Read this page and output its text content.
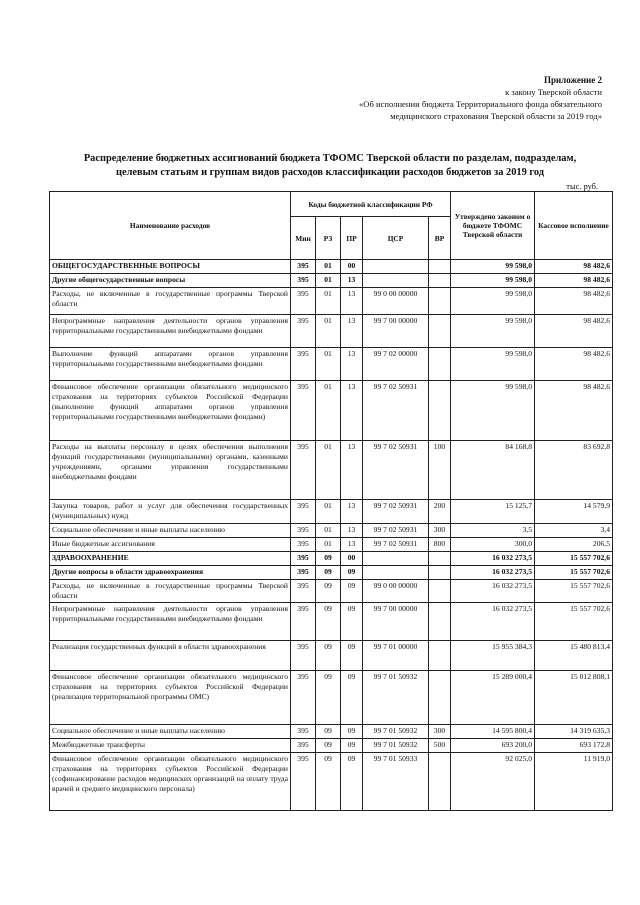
Приложение 2
к закону Тверской области
«Об исполнении бюджета Территориального фонда обязательного
медицинского страхования Тверской области за 2019 год»
Распределение бюджетных ассигнований бюджета ТФОМС Тверской области по разделам, подразделам,
целевым статьям и группам видов расходов классификации расходов бюджетов за 2019 год
тыс. руб.
Наименование расходов	Коды бюджетной классификации РФ					Утверждено законом о бюджете ТФОМС Тверской области	Кассовое исполнение
	Мин	РЗ	ПР	ЦСР	ВР		
ОБЩЕГОСУДАРСТВЕННЫЕ ВОПРОСЫ	395	01	00			99 598,0	98 482,6
Другие общегосударственные вопросы	395	01	13			99 598,0	98 482,6
Расходы, не включенные в государственные программы Тверской области	395	01	13	99 0 00 00000		99 598,0	98 482,6
Непрограммные направления деятельности органов управления территориальными государственными внебюджетными фондами	395	01	13	99 7 00 00000		99 598,0	98 482,6
Выполнение функций аппаратами органов управления территориальными государственными внебюджетными фондами	395	01	13	99 7 02 00000		99 598,0	98 482,6
Финансовое обеспечение организации обязательного медицинского страхования на территориях субъектов Российской Федерации (выполнение функций аппаратами органов управления территориальными государственными внебюджетными фондами)	395	01	13	99 7 02 50931		99 598,0	98 482,6
Расходы на выплаты персоналу в целях обеспечения выполнения функций государственными (муниципальными) органами, казенными учреждениями, органами управления государственными внебюджетными фондами	395	01	13	99 7 02 50931	100	84 168,8	83 692,8
Закупка товаров, работ и услуг для обеспечения государственных (муниципальных) нужд	395	01	13	99 7 02 50931	200	15 125,7	14 579,9
Социальное обеспечение и иные выплаты населению	395	01	13	99 7 02 50931	300	3,5	3,4
Иные бюджетные ассигнования	395	01	13	99 7 02 50931	800	300,0	206,5
ЗДРАВООХРАНЕНИЕ	395	09	00			16 032 273,5	15 557 702,6
Другие вопросы в области здравоохранения	395	09	09			16 032 273,5	15 557 702,6
Расходы, не включенные в государственные программы Тверской области	395	09	09	99 0 00 00000		16 032 273,5	15 557 702,6
Непрограммные направления деятельности органов управления территориальными государственными внебюджетными фондами	395	09	09	99 7 00 00000		16 032 273,5	15 557 702,6
Реализация государственных функций в области здравоохранения	395	09	09	99 7 01 00000		15 955 384,3	15 480 813,4
Финансовое обеспечение организации обязательного медицинского страхования на территориях субъектов Российской Федерации (реализация территориальной программы ОМС)	395	09	09	99 7 01 50932		15 289 000,4	15 012 808,1
Социальное обеспечение и иные выплаты населению	395	09	09	99 7 01 50932	300	14 595 800,4	14 319 635,3
Межбюджетные трансферты	395	09	09	99 7 01 50932	500	693 200,0	693 172,8
Финансовое обеспечение организации обязательного медицинского страхования на территориях субъектов Российской Федерации (софинансирование расходов медицинских организаций на оплату труда врачей и среднего медицинского персонала)	395	09	09	99 7 01 50933		92 025,0	11 919,0
